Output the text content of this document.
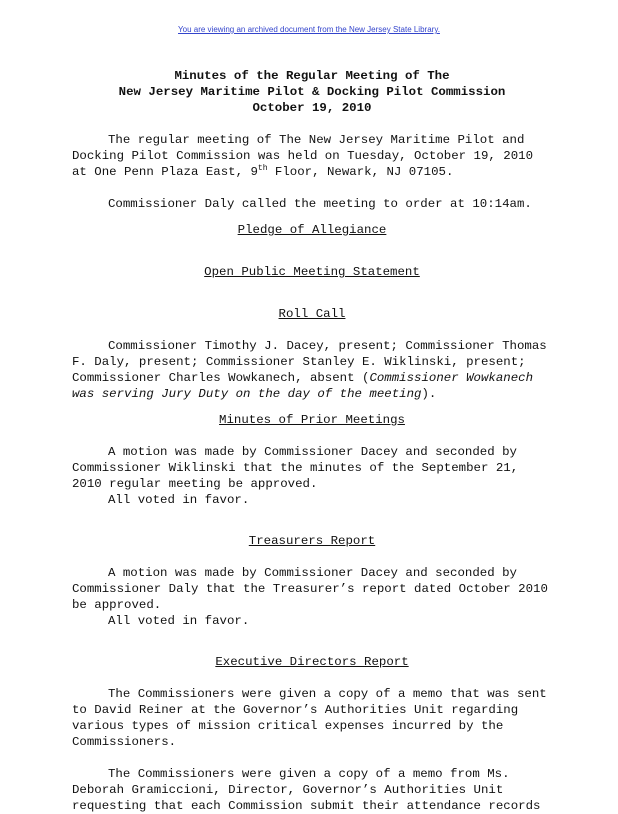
You are viewing an archived document from the New Jersey State Library.
Minutes of the Regular Meeting of The
New Jersey Maritime Pilot & Docking Pilot Commission
October 19, 2010

The regular meeting of The New Jersey Maritime Pilot and Docking Pilot Commission was held on Tuesday, October 19, 2010 at One Penn Plaza East, 9th Floor, Newark, NJ 07105.

Commissioner Daly called the meeting to order at 10:14am.

Pledge of Allegiance

Open Public Meeting Statement

Roll Call

Commissioner Timothy J. Dacey, present; Commissioner Thomas F. Daly, present; Commissioner Stanley E. Wiklinski, present; Commissioner Charles Wowkanech, absent (Commissioner Wowkanech was serving Jury Duty on the day of the meeting).

Minutes of Prior Meetings

A motion was made by Commissioner Dacey and seconded by Commissioner Wiklinski that the minutes of the September 21, 2010 regular meeting be approved.

All voted in favor.

Treasurers Report

A motion was made by Commissioner Dacey and seconded by Commissioner Daly that the Treasurer’s report dated October 2010 be approved.

All voted in favor.

Executive Directors Report

The Commissioners were given a copy of a memo that was sent to David Reiner at the Governor’s Authorities Unit regarding various types of mission critical expenses incurred by the Commissioners.

The Commissioners were given a copy of a memo from Ms. Deborah Gramiccioni, Director, Governor’s Authorities Unit requesting that each Commission submit their attendance records
